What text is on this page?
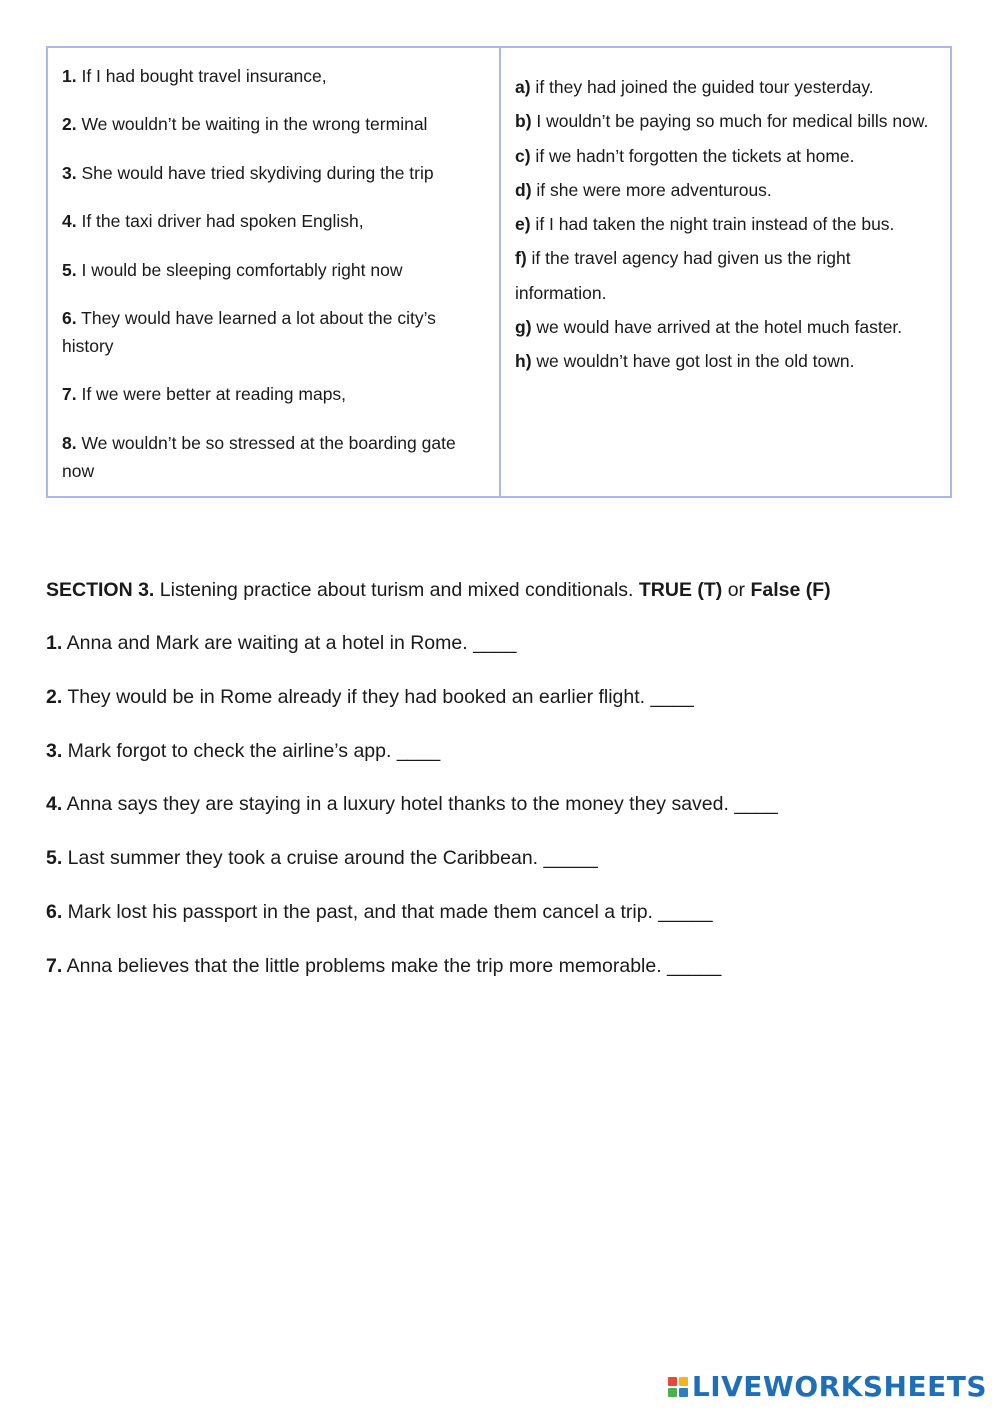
1. If I had bought travel insurance,
2. We wouldn’t be waiting in the wrong terminal
3. She would have tried skydiving during the trip
4. If the taxi driver had spoken English,
5. I would be sleeping comfortably right now
6. They would have learned a lot about the city’s history
7. If we were better at reading maps,
8. We wouldn’t be so stressed at the boarding gate now
a) if they had joined the guided tour yesterday.
b) I wouldn’t be paying so much for medical bills now.
c) if we hadn’t forgotten the tickets at home.
d) if she were more adventurous.
e) if I had taken the night train instead of the bus.
f) if the travel agency had given us the right information.
g) we would have arrived at the hotel much faster.
h) we wouldn’t have got lost in the old town.
SECTION 3. Listening practice about turism and mixed conditionals. TRUE (T) or False (F)
1. Anna and Mark are waiting at a hotel in Rome. ____
2. They would be in Rome already if they had booked an earlier flight. ____
3. Mark forgot to check the airline’s app. ____
4. Anna says they are staying in a luxury hotel thanks to the money they saved. ____
5. Last summer they took a cruise around the Caribbean. _____
6. Mark lost his passport in the past, and that made them cancel a trip. _____
7. Anna believes that the little problems make the trip more memorable. _____
LIVEWORKSHEETS
